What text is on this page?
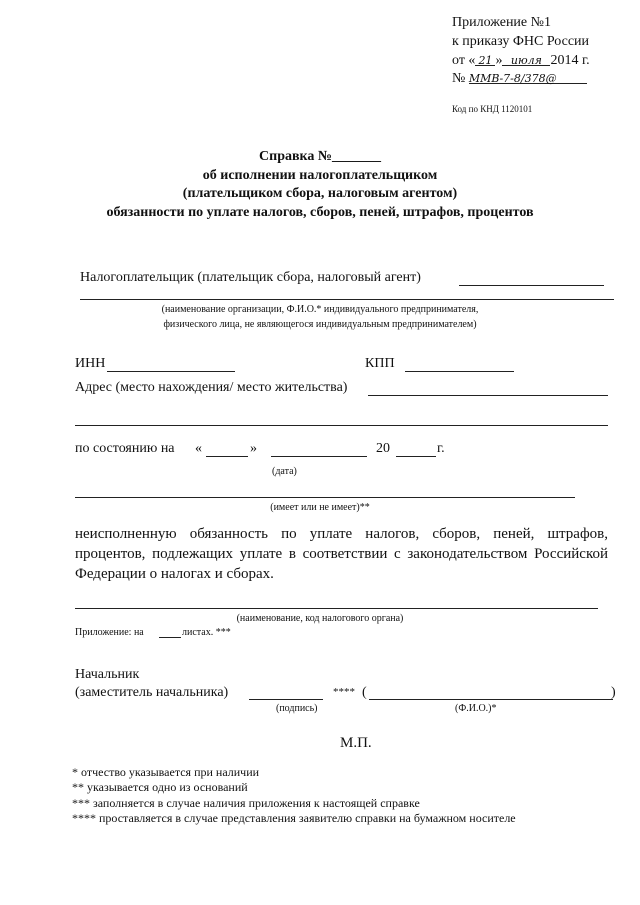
Приложение №1
к приказу ФНС России
от « 21 » июля 2014 г.
№ ММВ-7-8/378@
Код по КНД 1120101
Справка №_______
об исполнении налогоплательщиком
(плательщиком сбора, налоговым агентом)
обязанности по уплате налогов, сборов, пеней, штрафов, процентов
Налогоплательщик (плательщик сбора, налоговый агент)
(наименование организации, Ф.И.О.* индивидуального предпринимателя,
физического лица, не являющегося индивидуальным предпринимателем)
ИНН	КПП
Адрес (место нахождения/ место жительства)
по состоянию на «	»	20	г.
(дата)
(имеет или не имеет)**
неисполненную обязанность по уплате налогов, сборов, пеней, штрафов, процентов, подлежащих уплате в соответствии с законодательством Российской Федерации о налогах и сборах.
(наименование, код налогового органа)
Приложение: на	листах. ***
Начальник
(заместитель начальника)	**** (	)
(подпись)	(Ф.И.О.)*
М.П.
* отчество указывается при наличии
** указывается одно из оснований
*** заполняется в случае наличия приложения к настоящей справке
**** проставляется в случае представления заявителю справки на бумажном носителе
